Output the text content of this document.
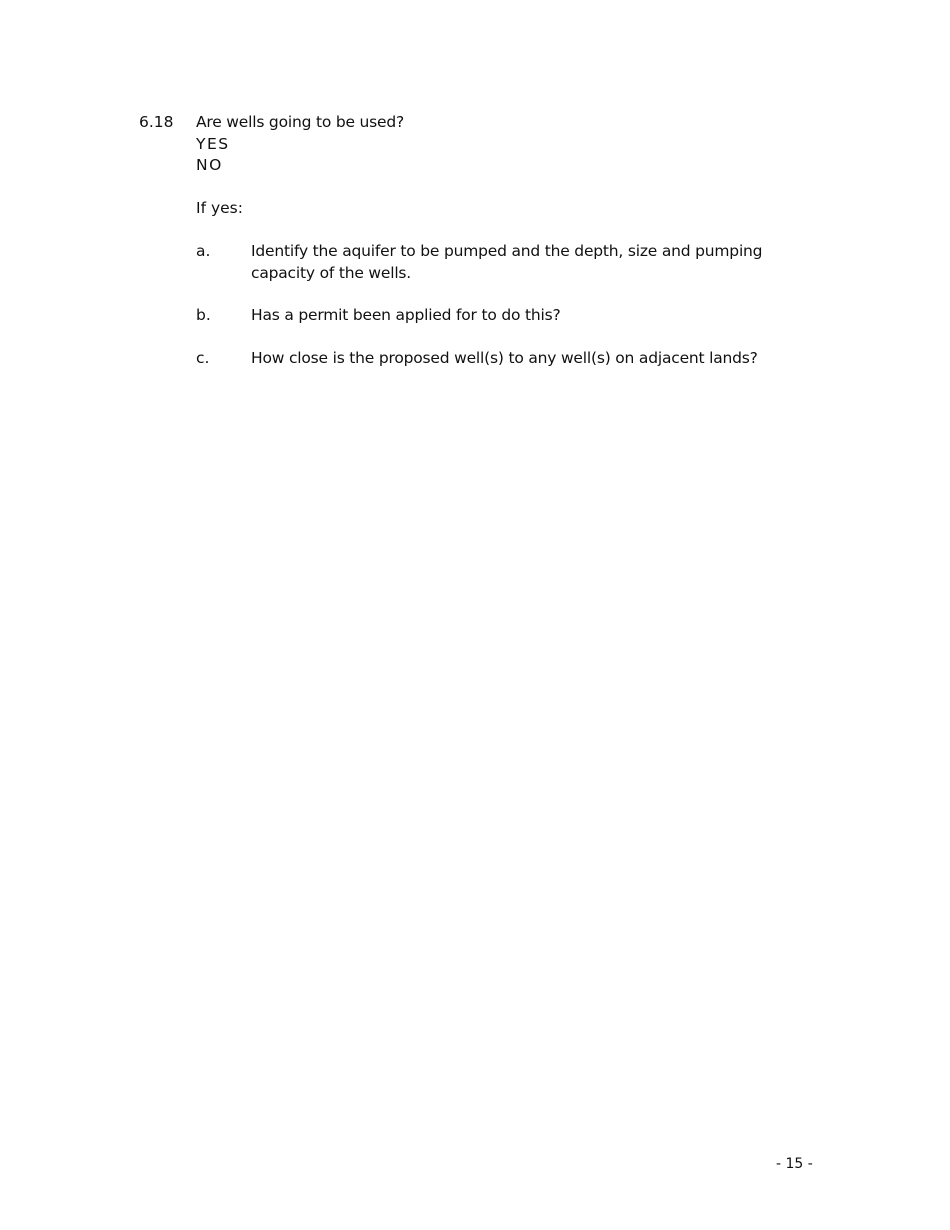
6.18 Are wells going to be used?
YES
NO
If yes:
a.	Identify the aquifer to be pumped and the depth, size and pumping capacity of the wells.
b.	Has a permit been applied for to do this?
c.	How close is the proposed well(s) to any well(s) on adjacent lands?
- 15 -
